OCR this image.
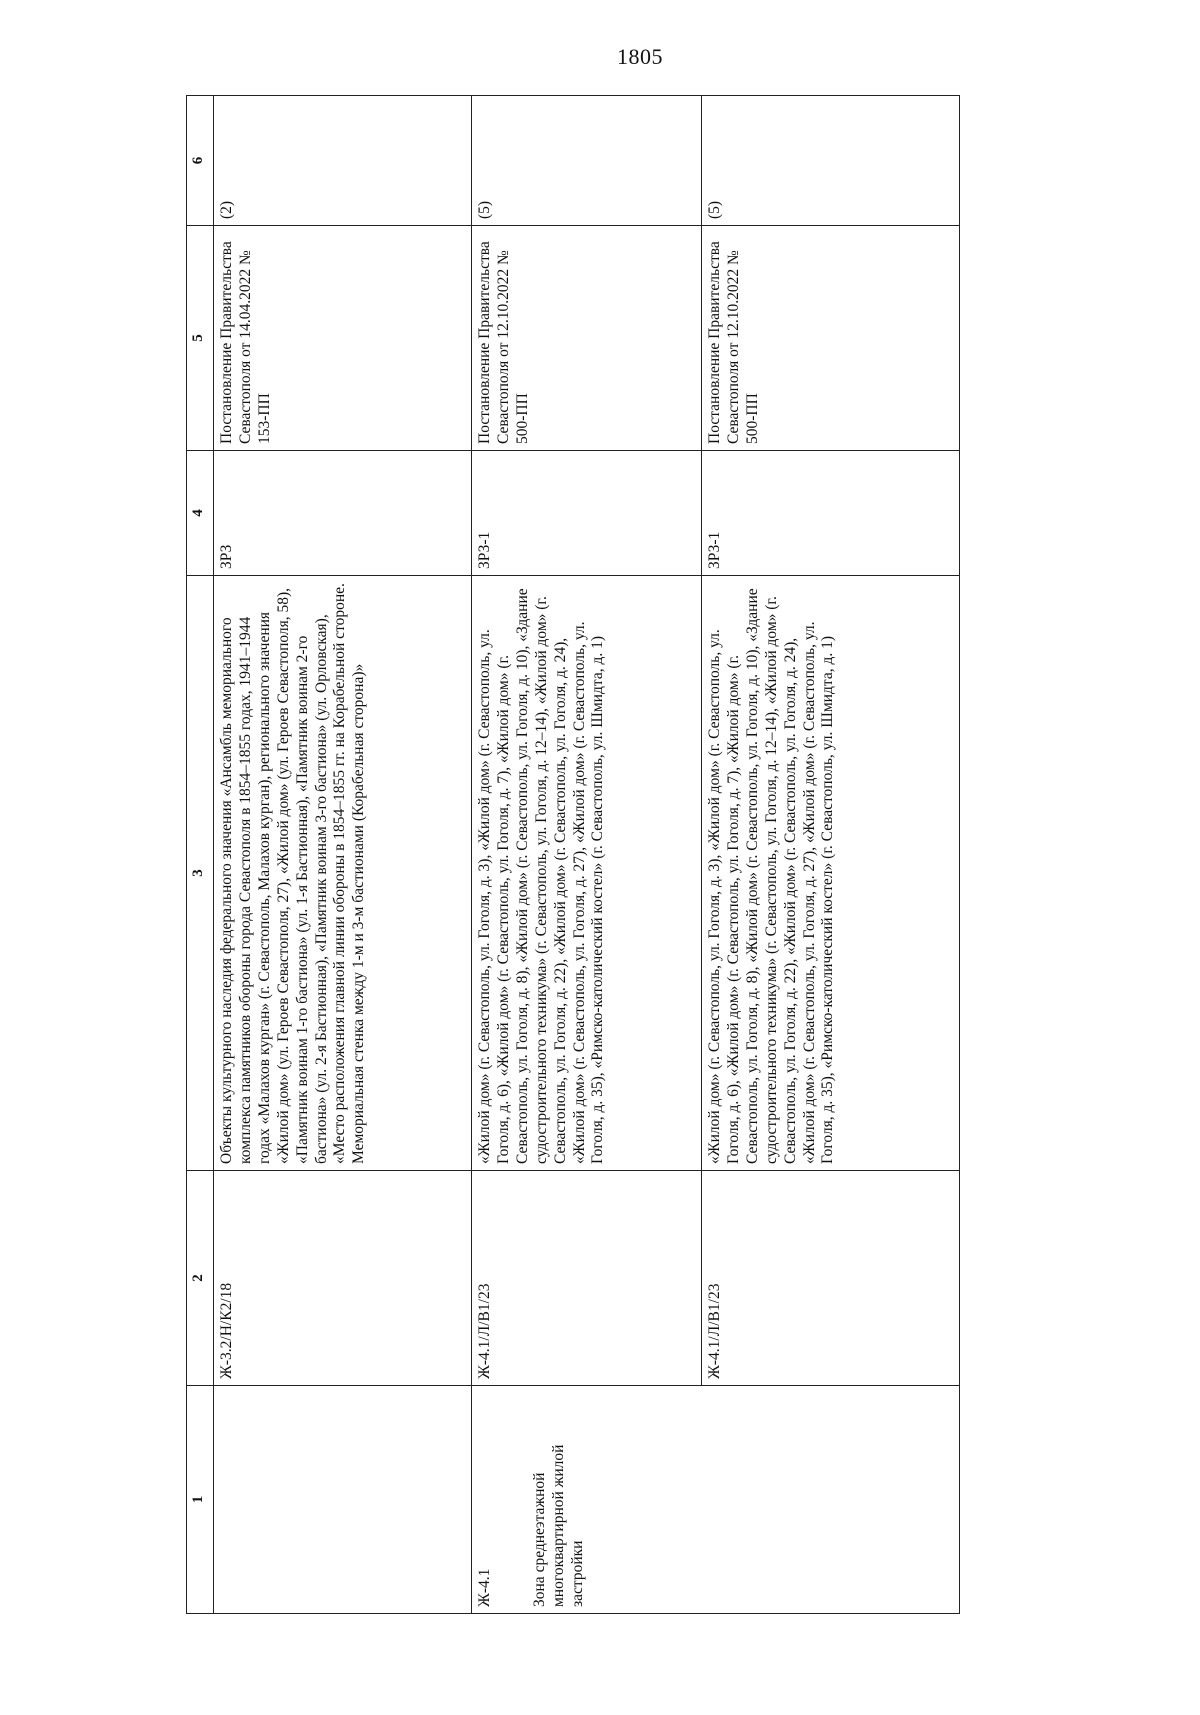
1805
1	2	3	4	5	6

	Ж-3.2/Н/К2/18	Объекты культурного наследия федерального значения «Ансамбль мемориального комплекса памятников обороны города Севастополя в 1854–1855 годах, 1941–1944 годах «Малахов курган» (г. Севастополь, Малахов курган), регионального значения «Жилой дом» (ул. Героев Севастополя, 27), «Жилой дом» (ул. Героев Севастополя, 58), «Памятник воинам 1-го бастиона» (ул. 1-я Бастионная), «Памятник воинам 2-го бастиона» (ул. 2-я Бастионная), «Памятник воинам 3-го бастиона» (ул. Орловская), «Место расположения главной линии обороны в 1854–1855 гг. на Корабельной стороне. Мемориальная стенка между 1-м и 3-м бастионами (Корабельная сторона)»	ЗРЗ	Постановление Правительства Севастополя от 14.04.2022 № 153-ПП	(2)

Ж-4.1 Зона среднеэтажной многоквартирной жилой застройки	Ж-4.1/Л/В1/23	«Жилой дом» (г. Севастополь, ул. Гоголя, д. 3), «Жилой дом» (г. Севастополь, ул. Гоголя, д. 6), «Жилой дом» (г. Севастополь, ул. Гоголя, д. 7), «Жилой дом» (г. Севастополь, ул. Гоголя, д. 8), «Жилой дом» (г. Севастополь, ул. Гоголя, д. 10), «Здание судостроительного техникума» (г. Севастополь, ул. Гоголя, д. 12–14), «Жилой дом» (г. Севастополь, ул. Гоголя, д. 22), «Жилой дом» (г. Севастополь, ул. Гоголя, д. 24), «Жилой дом» (г. Севастополь, ул. Гоголя, д. 27), «Жилой дом» (г. Севастополь, ул. Гоголя, д. 35), «Римско-католический костел» (г. Севастополь, ул. Шмидта, д. 1)	ЗРЗ-1	Постановление Правительства Севастополя от 12.10.2022 № 500-ПП	(5)
	Ж-4.1/Л/В1/23	«Жилой дом» (г. Севастополь, ул. Гоголя, д. 3), «Жилой дом» (г. Севастополь, ул. Гоголя, д. 6), «Жилой дом» (г. Севастополь, ул. Гоголя, д. 7), «Жилой дом» (г. Севастополь, ул. Гоголя, д. 8), «Жилой дом» (г. Севастополь, ул. Гоголя, д. 10), «Здание судостроительного техникума» (г. Севастополь, ул. Гоголя, д. 12–14), «Жилой дом» (г. Севастополь, ул. Гоголя, д. 22), «Жилой дом» (г. Севастополь, ул. Гоголя, д. 24), «Жилой дом» (г. Севастополь, ул. Гоголя, д. 27), «Жилой дом» (г. Севастополь, ул. Гоголя, д. 35), «Римско-католический костел» (г. Севастополь, ул. Шмидта, д. 1)	ЗРЗ-1	Постановление Правительства Севастополя от 12.10.2022 № 500-ПП	(5)
